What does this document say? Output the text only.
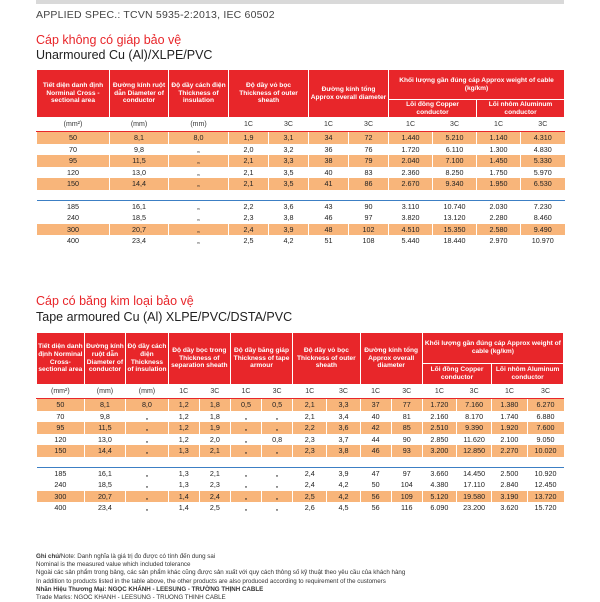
APPLIED SPEC.: TCVN 5935-2:2013, IEC 60502
Cáp không có giáp bảo vệ
Unarmoured Cu (Al)/XLPE/PVC
Tiết diện danh định Norminal Cross -sectional area	Đường kính ruột dẫn Diameter of conductor	Độ dầy cách điện Thickness of insulation	Độ dầy vỏ bọc Thickness of outer sheath		Đường kính tổng Approx overall diameter		Khối lượng gần đúng cáp Approx weight of cable (kg/km)			
							Lõi đồng Copper conductor		Lõi nhôm Aluminum conductor	
(mm²)	(mm)	(mm)	1C	3C	1C	3C	1C	3C	1C	3C
50	8,1	8,0	1,9	3,1	34	72	1.440	5.210	1.140	4.310
70	9,8	„	2,0	3,2	36	76	1.720	6.110	1.300	4.830
95	11,5	„	2,1	3,3	38	79	2.040	7.100	1.450	5.330
120	13,0	„	2,1	3,5	40	83	2.360	8.250	1.750	5.970
150	14,4	„	2,1	3,5	41	86	2.670	9.340	1.950	6.530

185	16,1	„	2,2	3,6	43	90	3.110	10.740	2.030	7.230
240	18,5	„	2,3	3,8	46	97	3.820	13.120	2.280	8.460
300	20,7	„	2,4	3,9	48	102	4.510	15.350	2.580	9.490
400	23,4	„	2,5	4,2	51	108	5.440	18.440	2.970	10.970
Cáp có băng kim loại bảo vệ
Tape armoured Cu (Al) XLPE/PVC/DSTA/PVC
Tiết diện danh định Norminal Cross-sectional area	Đường kính ruột dẫn Diameter of conductor	Độ dầy cách điện Thickness of insulation	Độ dầy bọc trong Thickness of separation sheath		Độ dầy băng giáp Thickness of tape armour		Độ dầy vỏ bọc Thickness of outer sheath		Đường kính tổng Approx overall diameter		Khối lượng gần đúng cáp Approx weight of cable (kg/km)			
											Lõi đồng Copper conductor		Lõi nhôm Aluminum conductor	
(mm²)	(mm)	(mm)	1C	3C	1C	3C	1C	3C	1C	3C	1C	3C	1C	3C
50	8,1	8,0	1,2	1,8	0,5	0,5	2,1	3,3	37	77	1.720	7.160	1.380	6.270
70	9,8	„	1,2	1,8	„	„	2,1	3,4	40	81	2.160	8.170	1.740	6.880
95	11,5	„	1,2	1,9	„	„	2,2	3,6	42	85	2.510	9.390	1.920	7.600
120	13,0	„	1,2	2,0	„	0,8	2,3	3,7	44	90	2.850	11.620	2.100	9.050
150	14,4	„	1,3	2,1	„	„	2,3	3,8	46	93	3.200	12.850	2.270	10.020

185	16,1	„	1,3	2,1	„	„	2,4	3,9	47	97	3.660	14.450	2.500	10.920
240	18,5	„	1,3	2,3	„	„	2,4	4,2	50	104	4.380	17.110	2.840	12.450
300	20,7	„	1,4	2,4	„	„	2,5	4,2	56	109	5.120	19.580	3.190	13.720
400	23,4	„	1,4	2,5	„	„	2,6	4,5	56	116	6.090	23.200	3.620	15.720
Ghi chú/Note: Danh nghĩa là giá trị đo được có tính đến dung sai
Nominal is the measured value which included tolerance
Ngoài các sản phẩm trong bảng, các sản phẩm khác cũng được sản xuất với quy cách thông số kỹ thuật theo yêu cầu của khách hàng
In addition to products listed in the table above, the other products are also produced according to requirement of the customers
Nhãn Hiệu Thương Mại: NGỌC KHÁNH - LEESUNG - TRƯỜNG THỊNH CABLE
Trade Marks: NGOC KHANH - LEESUNG - TRUONG THINH CABLE
